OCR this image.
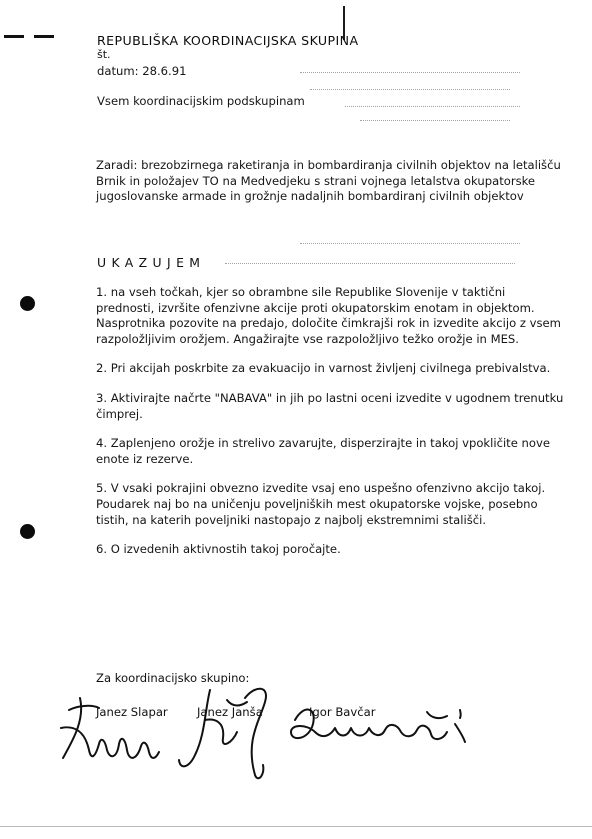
REPUBLIŠKA KOORDINACIJSKA SKUPINA
št.
datum: 28.6.91
Vsem koordinacijskim podskupinam
Zaradi: brezobzirnega raketiranja in bombardiranja civilnih objektov na letališču Brnik in položajev TO na Medvedjeku s strani vojnega letalstva okupatorske jugoslovanske armade in grožnje nadaljnih bombardiranj civilnih objektov
UKAZUJEM

1. na vseh točkah, kjer so obrambne sile Republike Slovenije v taktični prednosti, izvršite ofenzivne akcije proti okupatorskim enotam in objektom. Nasprotnika pozovite na predajo, določite čimkrajši rok in izvedite akcijo z vsem razpoložljivim orožjem. Angažirajte vse razpoložljivo težko orožje in MES.

2. Pri akcijah poskrbite za evakuacijo in varnost življenj civilnega prebivalstva.

3. Aktivirajte načrte "NABAVA" in jih po lastni oceni izvedite v ugodnem trenutku čimprej.

4. Zaplenjeno orožje in strelivo zavarujte, disperzirajte in takoj vpokličite nove enote iz rezerve.

5. V vsaki pokrajini obvezno izvedite vsaj eno uspešno ofenzivno akcijo takoj. Poudarek naj bo na uničenju poveljniških mest okupatorske vojske, posebno tistih, na katerih poveljniki nastopajo z najbolj ekstremnimi stališči.

6. O izvedenih aktivnostih takoj poročajte.

Za koordinacijsko skupino:
Janez Slapar	Janez Janša	Igor Bavčar
